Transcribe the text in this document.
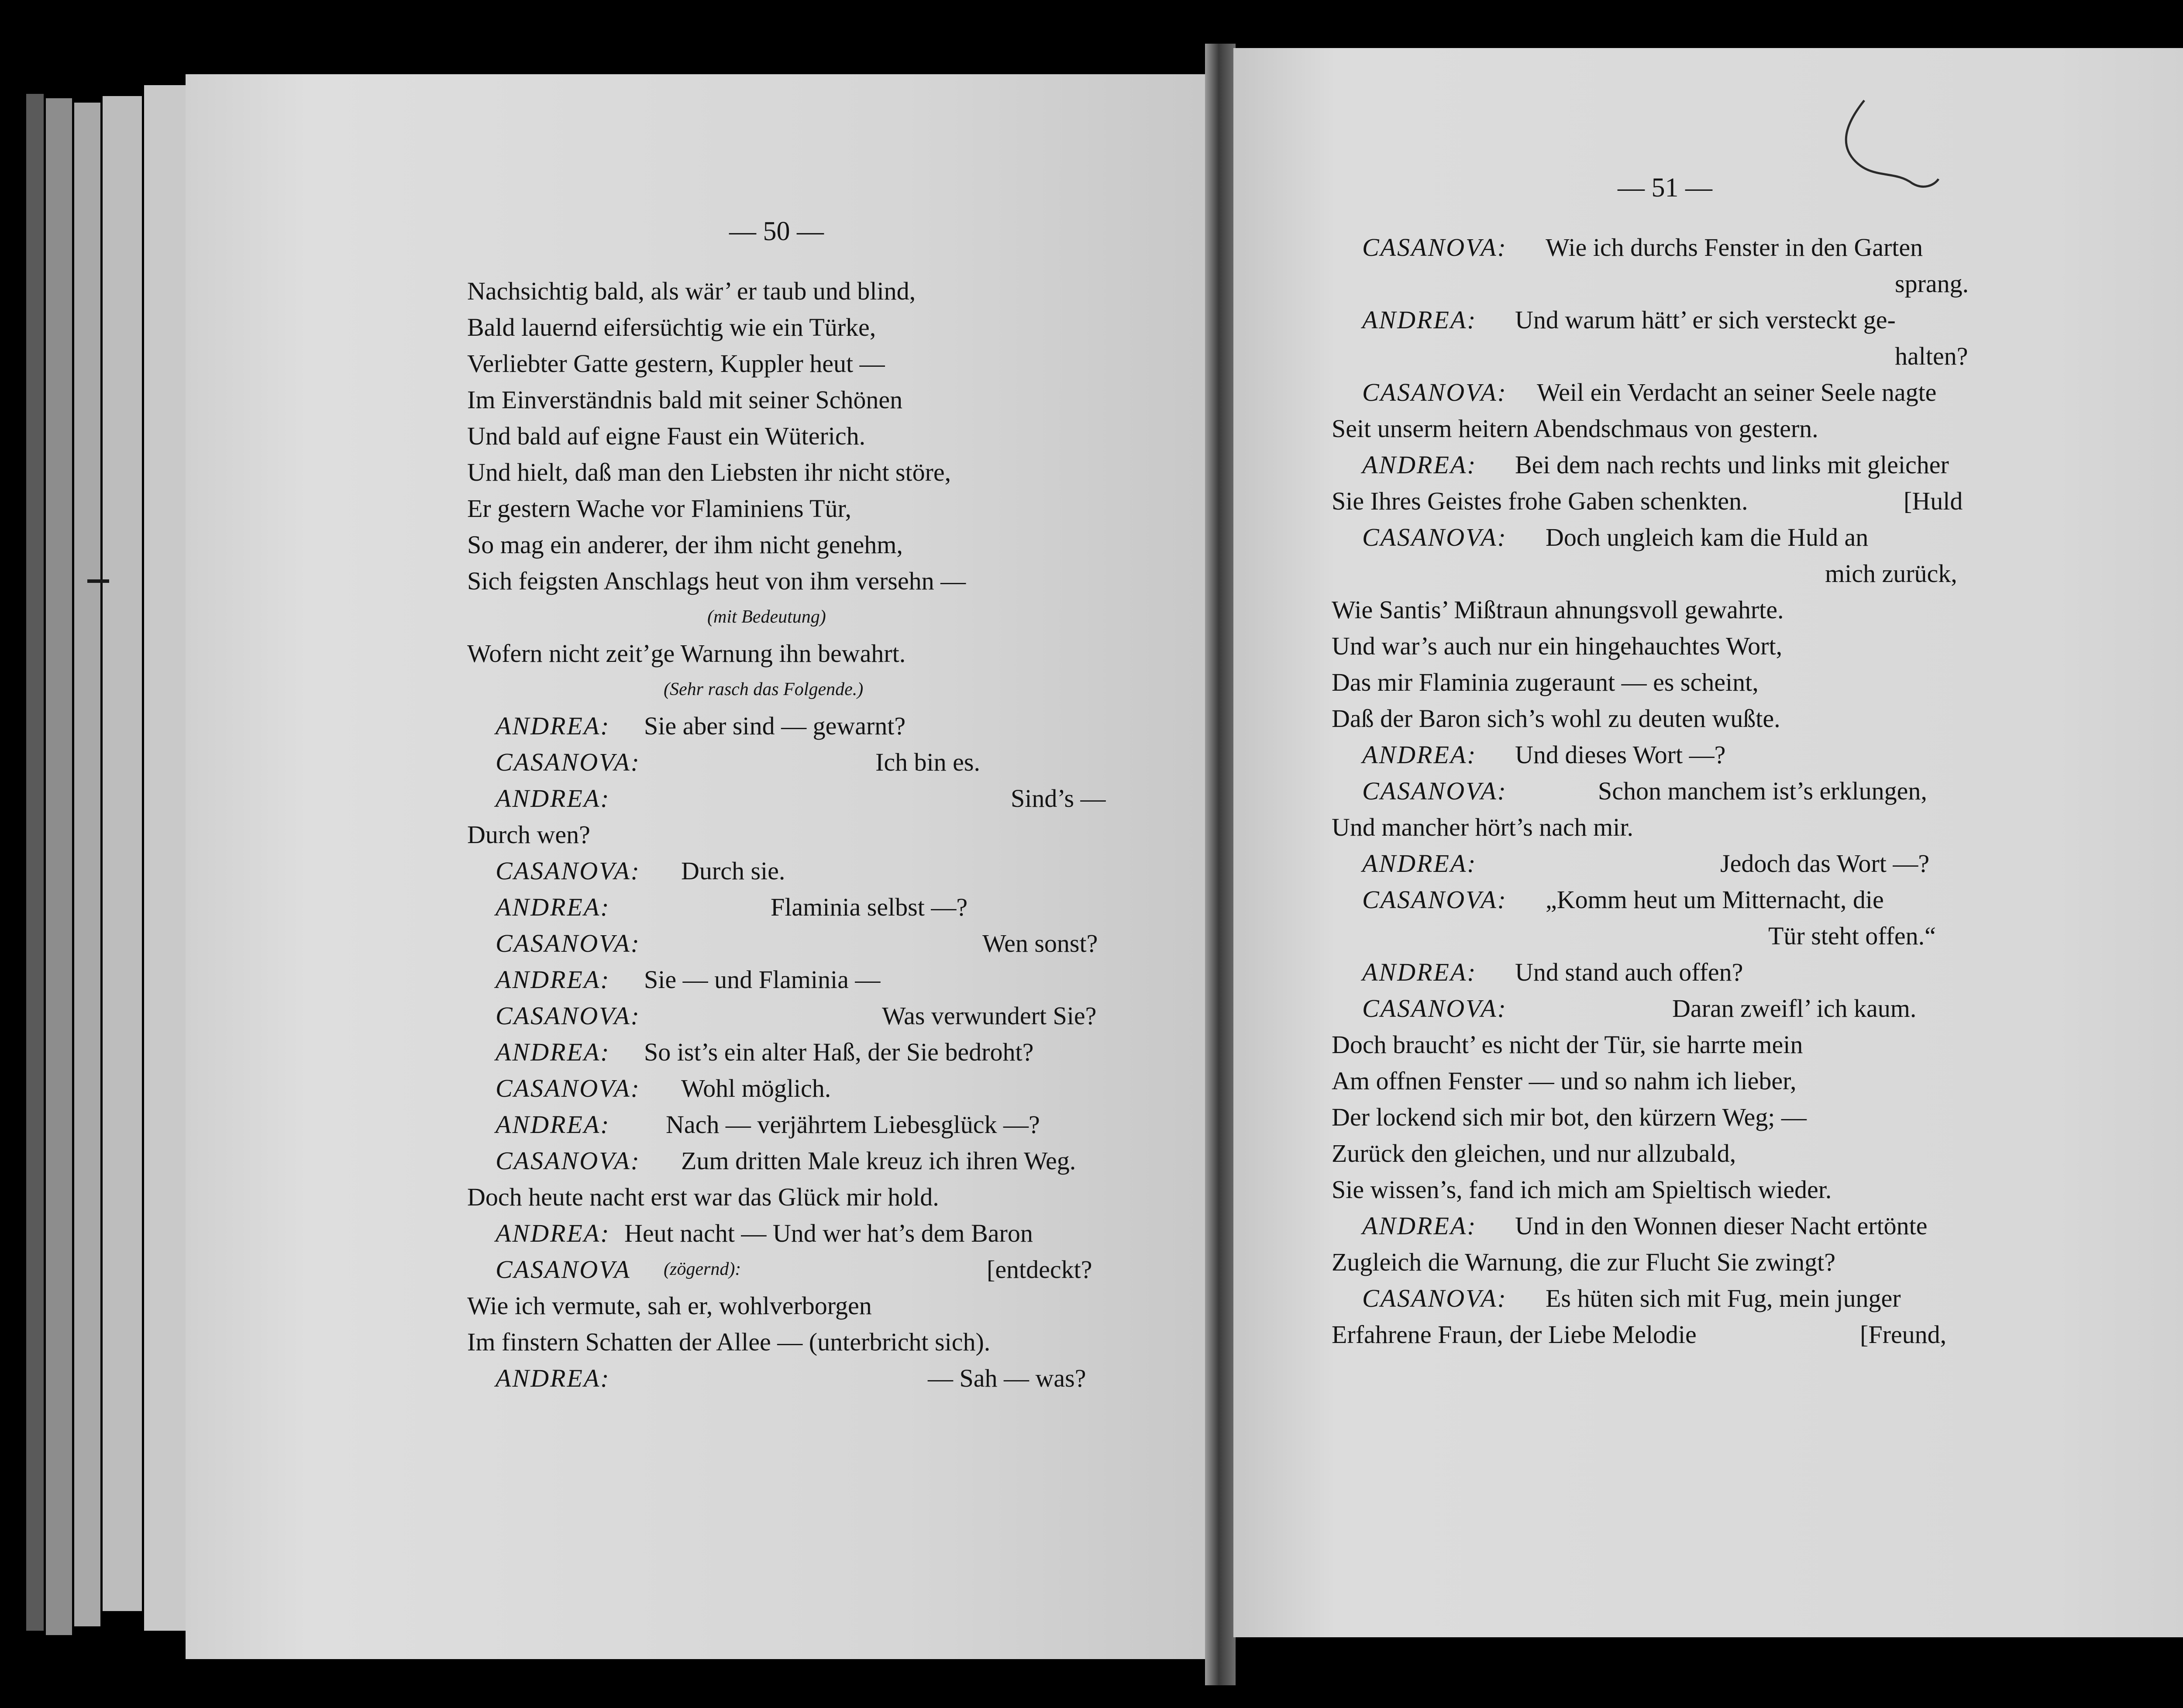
— 50 —
Nachsichtig bald, als wär’ er taub und blind,
Bald lauernd eifersüchtig wie ein Türke,
Verliebter Gatte gestern, Kuppler heut —
Im Einverständnis bald mit seiner Schönen
Und bald auf eigne Faust ein Wüterich.
Und hielt, daß man den Liebsten ihr nicht störe,
Er gestern Wache vor Flaminiens Tür,
So mag ein anderer, der ihm nicht genehm,
Sich feigsten Anschlags heut von ihm versehn —
(mit Bedeutung)
Wofern nicht zeit’ge Warnung ihn bewahrt.
(Sehr rasch das Folgende.)
ANDREA: Sie aber sind — gewarnt?
CASANOVA:	Ich bin es.
ANDREA:	Sind’s —
Durch wen?
CASANOVA: Durch sie.
ANDREA:	Flaminia selbst —?
CASANOVA:	Wen sonst?
ANDREA: Sie — und Flaminia —
CASANOVA:	Was verwundert Sie?
ANDREA: So ist’s ein alter Haß, der Sie bedroht?
CASANOVA: Wohl möglich.
ANDREA: Nach — verjährtem Liebesglück —?
CASANOVA: Zum dritten Male kreuz ich ihren Weg.
Doch heute nacht erst war das Glück mir hold.
ANDREA: Heut nacht — Und wer hat’s dem Baron
CASANOVA (zögernd):	[entdeckt?
Wie ich vermute, sah er, wohlverborgen
Im finstern Schatten der Allee — (unterbricht sich).
ANDREA:	— Sah — was?
— 51 —
CASANOVA: Wie ich durchs Fenster in den Garten
sprang.
ANDREA: Und warum hätt’ er sich versteckt ge-
halten?
CASANOVA: Weil ein Verdacht an seiner Seele nagte
Seit unserm heitern Abendschmaus von gestern.
ANDREA: Bei dem nach rechts und links mit gleicher
Sie Ihres Geistes frohe Gaben schenkten.	[Huld
CASANOVA: Doch ungleich kam die Huld an
mich zurück,
Wie Santis’ Mißtraun ahnungsvoll gewahrte.
Und war’s auch nur ein hingehauchtes Wort,
Das mir Flaminia zugeraunt — es scheint,
Daß der Baron sich’s wohl zu deuten wußte.
ANDREA: Und dieses Wort —?
CASANOVA:	Schon manchem ist’s erklungen,
Und mancher hört’s nach mir.
ANDREA:	Jedoch das Wort —?
CASANOVA: „Komm heut um Mitternacht, die
Tür steht offen.“
ANDREA: Und stand auch offen?
CASANOVA:	Daran zweifl’ ich kaum.
Doch braucht’ es nicht der Tür, sie harrte mein
Am offnen Fenster — und so nahm ich lieber,
Der lockend sich mir bot, den kürzern Weg; —
Zurück den gleichen, und nur allzubald,
Sie wissen’s, fand ich mich am Spieltisch wieder.
ANDREA: Und in den Wonnen dieser Nacht ertönte
Zugleich die Warnung, die zur Flucht Sie zwingt?
CASANOVA: Es hüten sich mit Fug, mein junger
Erfahrene Fraun, der Liebe Melodie	[Freund,
